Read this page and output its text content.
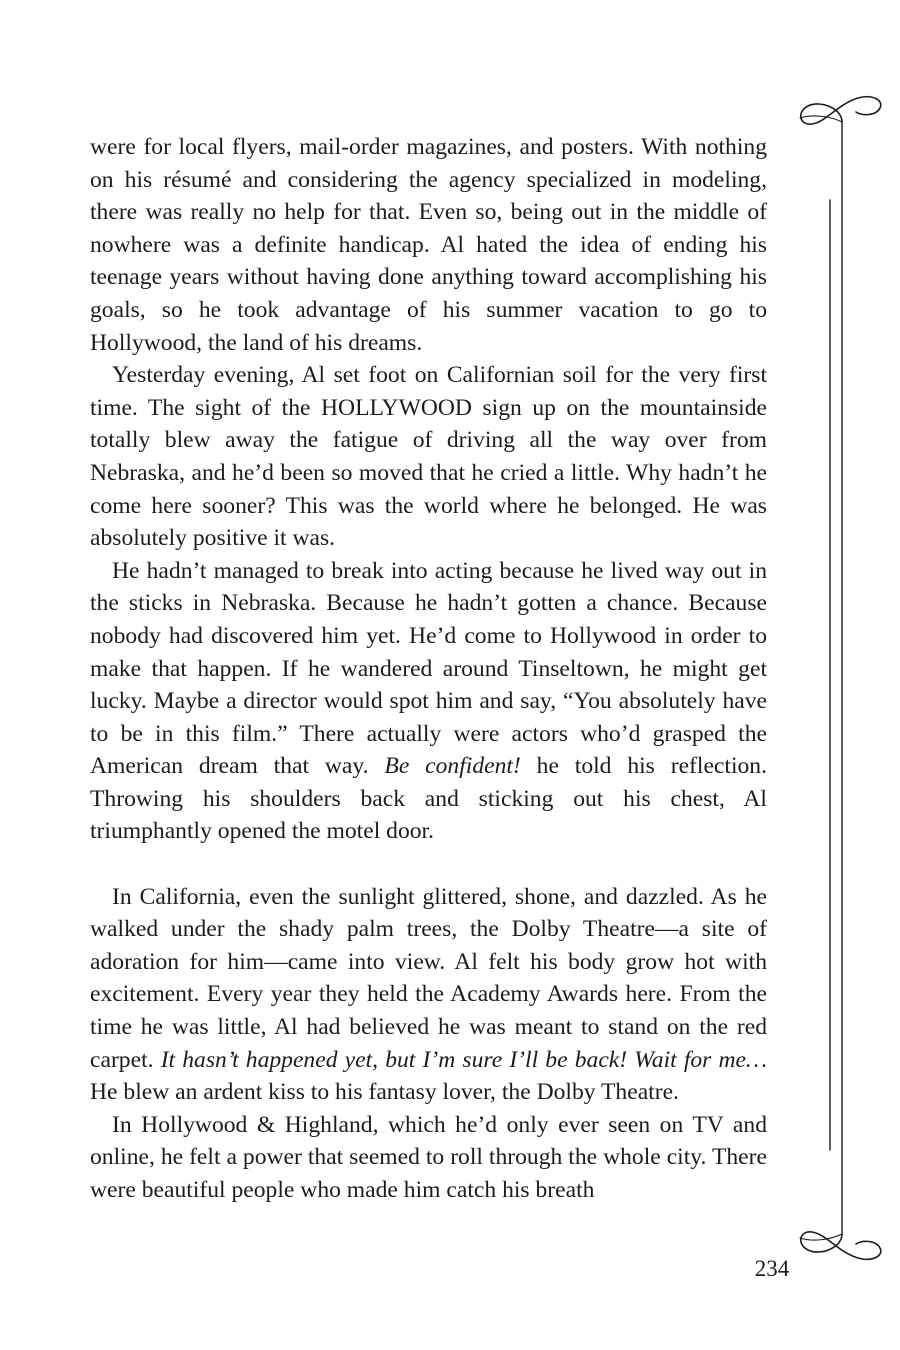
were for local flyers, mail-order magazines, and posters. With nothing on his résumé and considering the agency specialized in modeling, there was really no help for that. Even so, being out in the middle of nowhere was a definite handicap. Al hated the idea of ending his teenage years without having done anything toward accomplishing his goals, so he took advantage of his summer vacation to go to Hollywood, the land of his dreams.

Yesterday evening, Al set foot on Californian soil for the very first time. The sight of the HOLLYWOOD sign up on the mountainside totally blew away the fatigue of driving all the way over from Nebraska, and he’d been so moved that he cried a little. Why hadn’t he come here sooner? This was the world where he belonged. He was absolutely positive it was.

He hadn’t managed to break into acting because he lived way out in the sticks in Nebraska. Because he hadn’t gotten a chance. Because nobody had discovered him yet. He’d come to Hollywood in order to make that happen. If he wandered around Tinseltown, he might get lucky. Maybe a director would spot him and say, “You absolutely have to be in this film.” There actually were actors who’d grasped the American dream that way. Be confident! he told his reflection. Throwing his shoulders back and sticking out his chest, Al triumphantly opened the motel door.

In California, even the sunlight glittered, shone, and dazzled. As he walked under the shady palm trees, the Dolby Theatre—a site of adoration for him—came into view. Al felt his body grow hot with excitement. Every year they held the Academy Awards here. From the time he was little, Al had believed he was meant to stand on the red carpet. It hasn’t happened yet, but I’m sure I’ll be back! Wait for me… He blew an ardent kiss to his fantasy lover, the Dolby Theatre.

In Hollywood & Highland, which he’d only ever seen on TV and online, he felt a power that seemed to roll through the whole city. There were beautiful people who made him catch his breath

234
